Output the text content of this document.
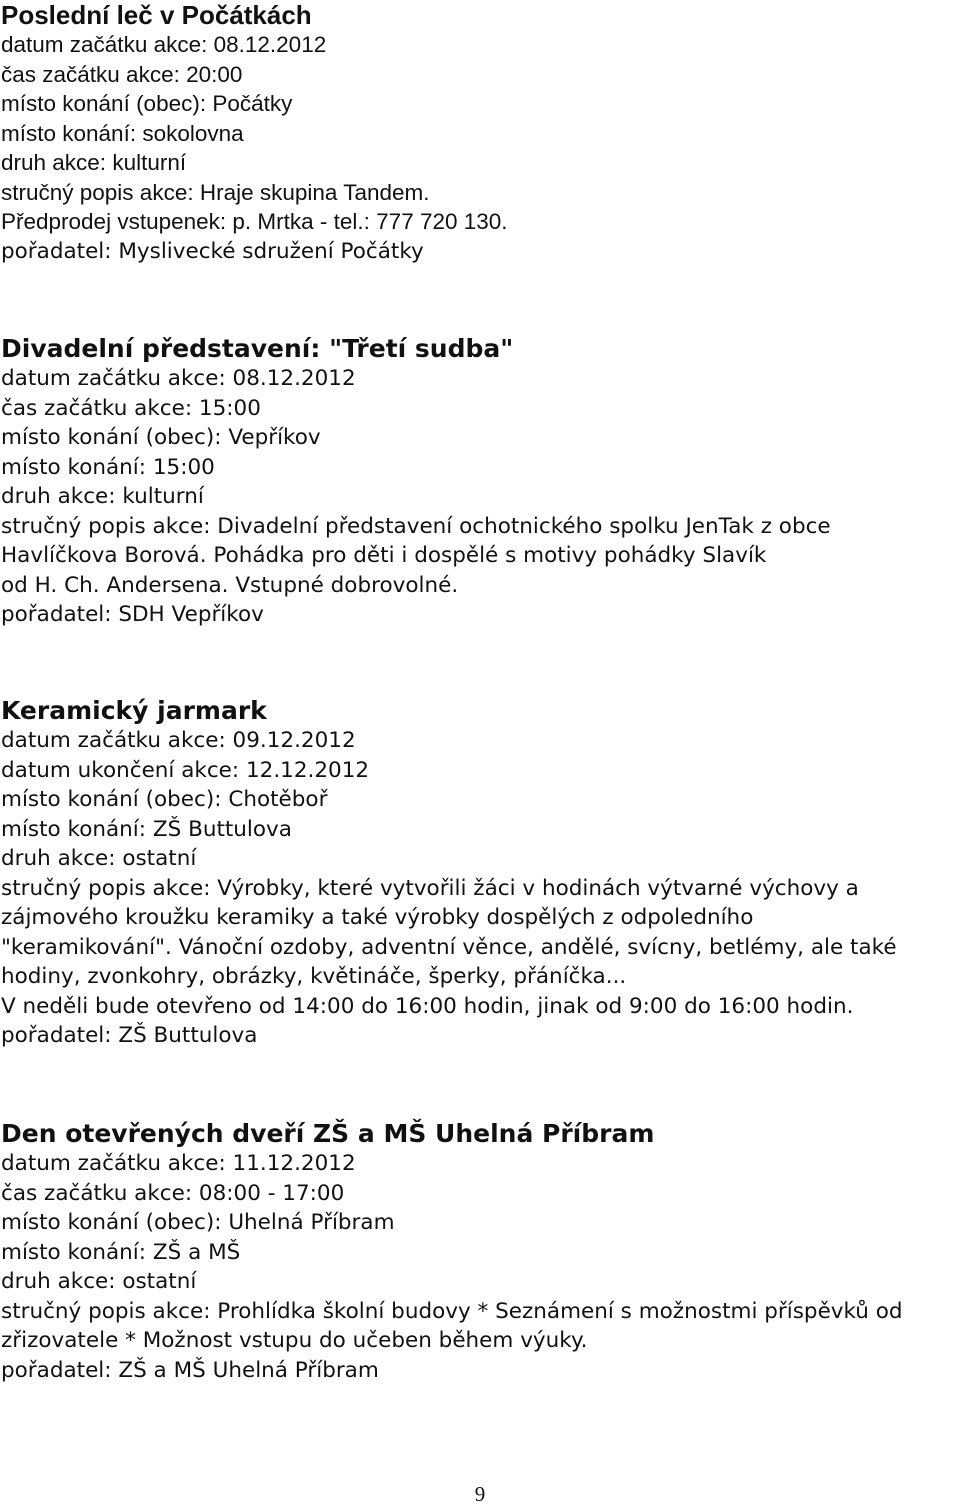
Poslední leč v Počátkách

datum začátku akce: 08.12.2012

čas začátku akce: 20:00

místo konání (obec): Počátky

místo konání: sokolovna

druh akce: kulturní

stručný popis akce: Hraje skupina Tandem.

Předprodej vstupenek: p. Mrtka - tel.: 777 720 130.

pořadatel: Myslivecké sdružení Počátky

Divadelní představení: "Třetí sudba"

datum začátku akce: 08.12.2012

čas začátku akce: 15:00

místo konání (obec): Vepříkov

místo konání: 15:00

druh akce: kulturní

stručný popis akce: Divadelní představení ochotnického spolku JenTak z obce

Havlíčkova Borová. Pohádka pro děti i dospělé s motivy pohádky Slavík

od H. Ch. Andersena. Vstupné dobrovolné.

pořadatel: SDH Vepříkov

Keramický jarmark

datum začátku akce: 09.12.2012

datum ukončení akce: 12.12.2012

místo konání (obec): Chotěboř

místo konání: ZŠ Buttulova

druh akce: ostatní

stručný popis akce: Výrobky, které vytvořili žáci v hodinách výtvarné výchovy a

zájmového kroužku keramiky a také výrobky dospělých z odpoledního

"keramikování". Vánoční ozdoby, adventní věnce, andělé, svícny, betlémy, ale také

hodiny, zvonkohry, obrázky, květináče, šperky, přáníčka...

V neděli bude otevřeno od 14:00 do 16:00 hodin, jinak od 9:00 do 16:00 hodin.

pořadatel: ZŠ Buttulova

Den otevřených dveří ZŠ a MŠ Uhelná Příbram

datum začátku akce: 11.12.2012

čas začátku akce: 08:00 - 17:00

místo konání (obec): Uhelná Příbram

místo konání: ZŠ a MŠ

druh akce: ostatní

stručný popis akce: Prohlídka školní budovy * Seznámení s možnostmi příspěvků od

zřizovatele * Možnost vstupu do učeben během výuky.

pořadatel: ZŠ a MŠ Uhelná Příbram

9
